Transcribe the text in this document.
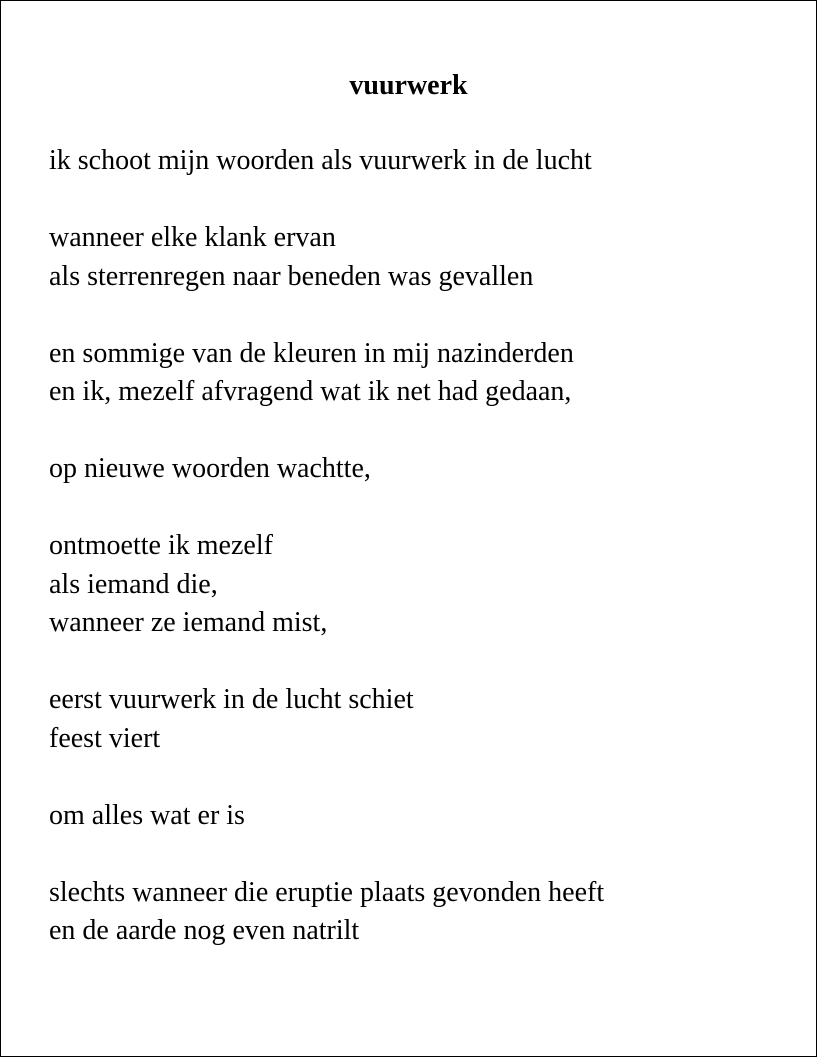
vuurwerk
ik schoot mijn woorden als vuurwerk in de lucht
wanneer elke klank ervan
als sterrenregen naar beneden was gevallen
en sommige van de kleuren in mij nazinderden
en ik, mezelf afvragend wat ik net had gedaan,
op nieuwe woorden wachtte,
ontmoette ik mezelf
als iemand die,
wanneer ze iemand mist,
eerst vuurwerk in de lucht schiet
feest viert
om alles wat er is
slechts wanneer die eruptie plaats gevonden heeft
en de aarde nog even natrilt
